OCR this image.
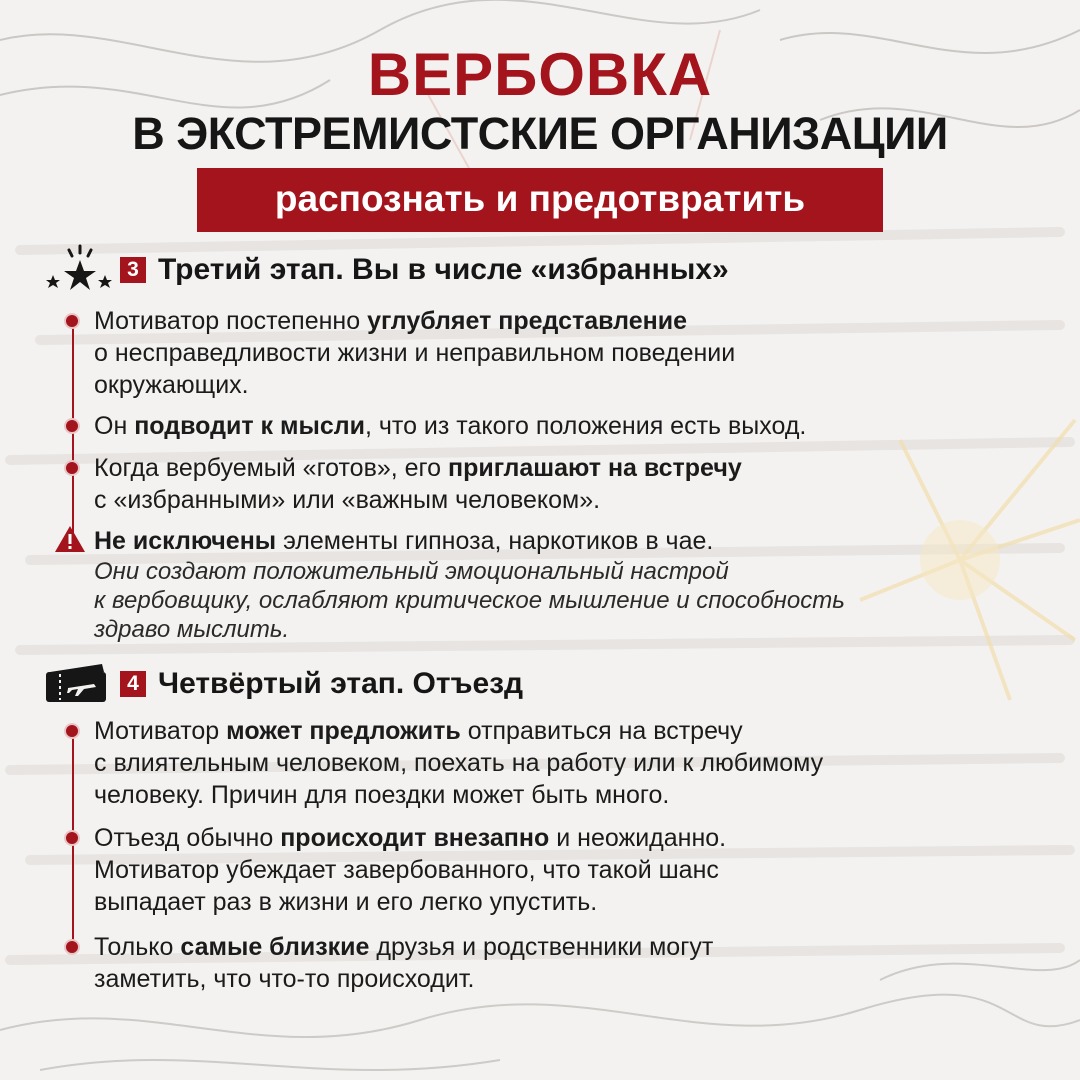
ВЕРБОВКА
В ЭКСТРЕМИСТСКИЕ ОРГАНИЗАЦИИ
распознать и предотвратить
3 Третий этап. Вы в числе «избранных»

Мотиватор постепенно углубляет представление

о несправедливости жизни и неправильном поведении

окружающих.

Он подводит к мысли, что из такого положения есть выход.

Когда вербуемый «готов», его приглашают на встречу

с «избранными» или «важным человеком».

Не исключены элементы гипноза, наркотиков в чае.

Они создают положительный эмоциональный настрой

к вербовщику, ослабляют критическое мышление и способность

здраво мыслить.

4 Четвёртый этап. Отъезд

Мотиватор может предложить отправиться на встречу

с влиятельным человеком, поехать на работу или к любимому

человеку. Причин для поездки может быть много.

Отъезд обычно происходит внезапно и неожиданно.

Мотиватор убеждает завербованного, что такой шанс

выпадает раз в жизни и его легко упустить.

Только самые близкие друзья и родственники могут

заметить, что что-то происходит.
